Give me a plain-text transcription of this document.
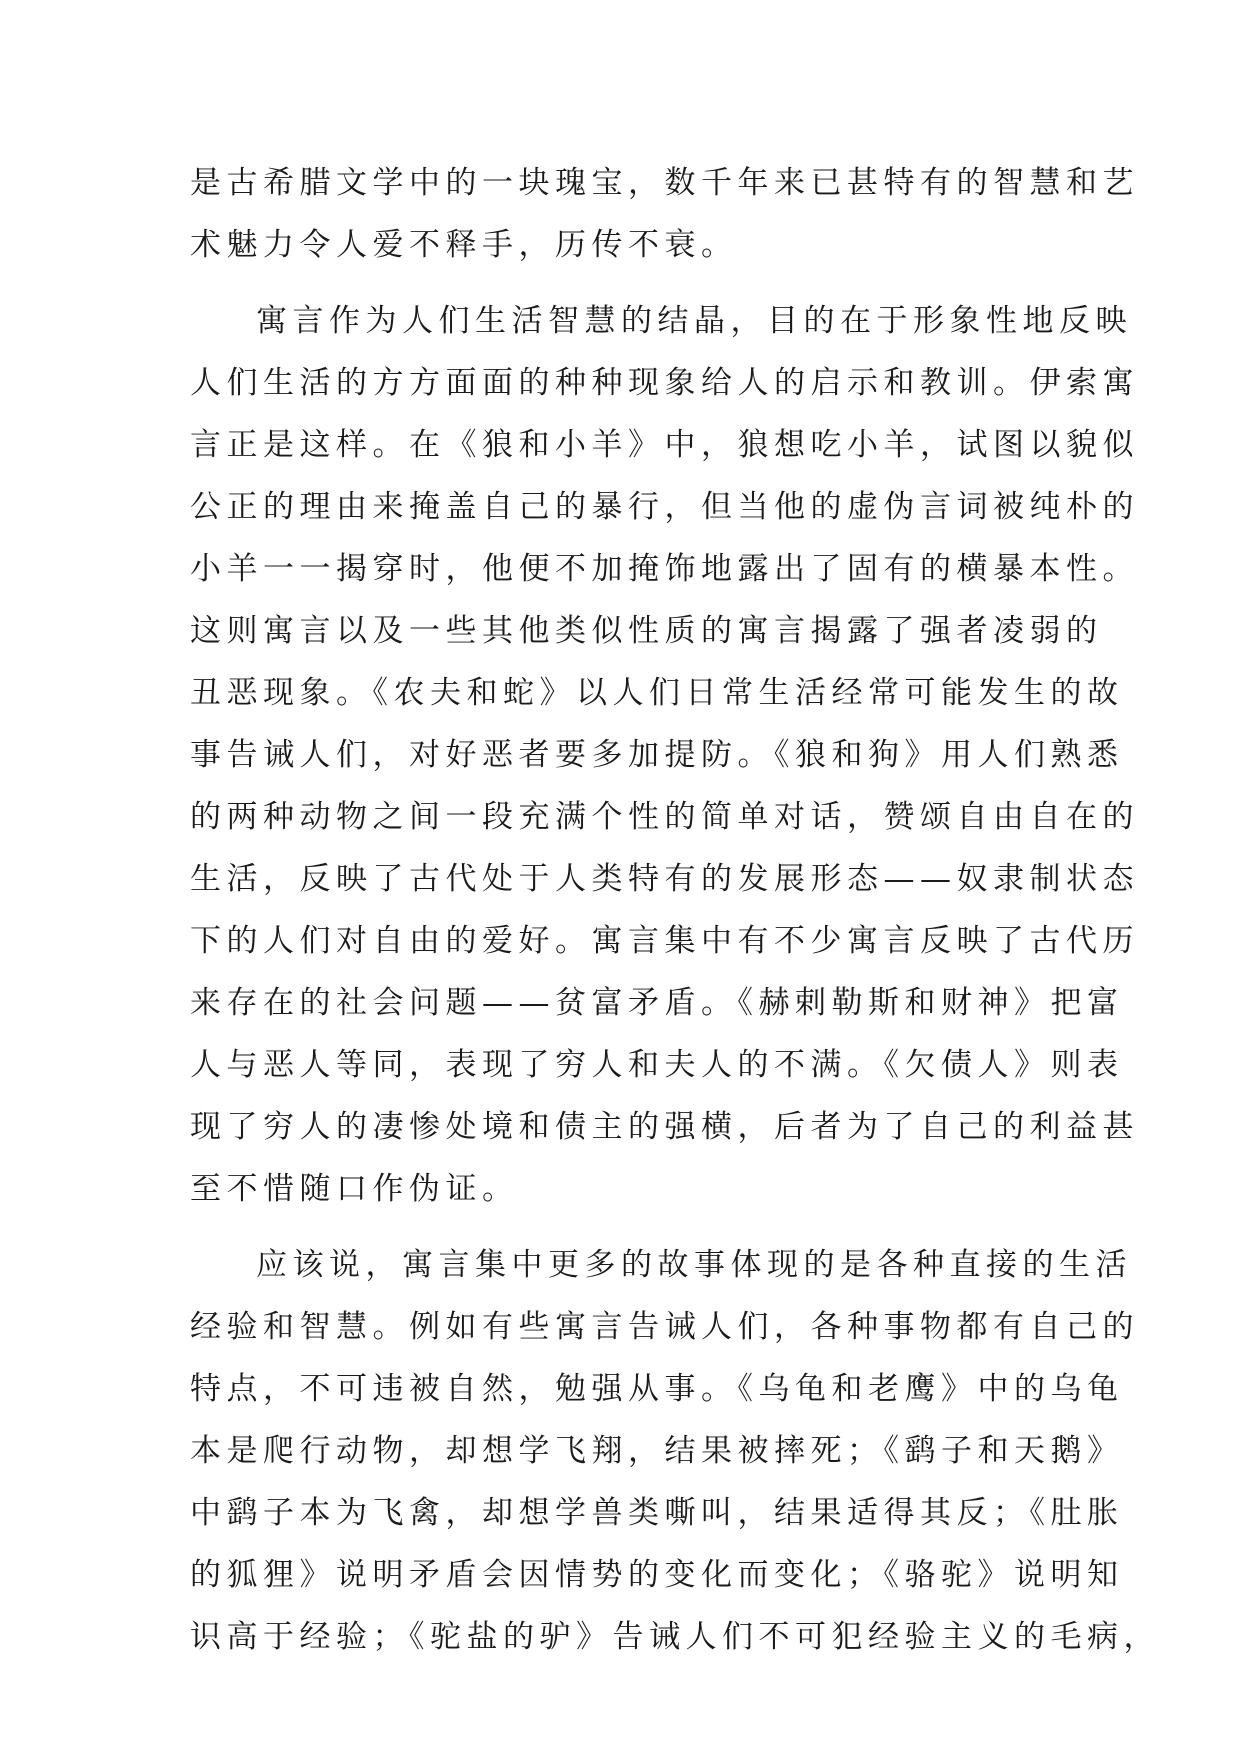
是古希腊文学中的一块瑰宝，数千年来已甚特有的智慧和艺
术魅力令人爱不释手，历传不衰。
寓言作为人们生活智慧的结晶，目的在于形象性地反映
人们生活的方方面面的种种现象给人的启示和教训。伊索寓
言正是这样。在《狼和小羊》中，狼想吃小羊，试图以貌似
公正的理由来掩盖自己的暴行，但当他的虚伪言词被纯朴的
小羊一一揭穿时，他便不加掩饰地露出了固有的横暴本性。
这则寓言以及一些其他类似性质的寓言揭露了强者凌弱的
丑恶现象。《农夫和蛇》以人们日常生活经常可能发生的故
事告诫人们，对好恶者要多加提防。《狼和狗》用人们熟悉
的两种动物之间一段充满个性的简单对话，赞颂自由自在的
生活，反映了古代处于人类特有的发展形态——奴隶制状态
下的人们对自由的爱好。寓言集中有不少寓言反映了古代历
来存在的社会问题——贫富矛盾。《赫剌勒斯和财神》把富
人与恶人等同，表现了穷人和夫人的不满。《欠债人》则表
现了穷人的凄惨处境和债主的强横，后者为了自己的利益甚
至不惜随口作伪证。
应该说，寓言集中更多的故事体现的是各种直接的生活
经验和智慧。例如有些寓言告诫人们，各种事物都有自己的
特点，不可违被自然，勉强从事。《乌龟和老鹰》中的乌龟
本是爬行动物，却想学飞翔，结果被摔死；《鹞子和天鹅》
中鹞子本为飞禽，却想学兽类嘶叫，结果适得其反；《肚胀
的狐狸》说明矛盾会因情势的变化而变化；《骆驼》说明知
识高于经验；《驼盐的驴》告诫人们不可犯经验主义的毛病，
